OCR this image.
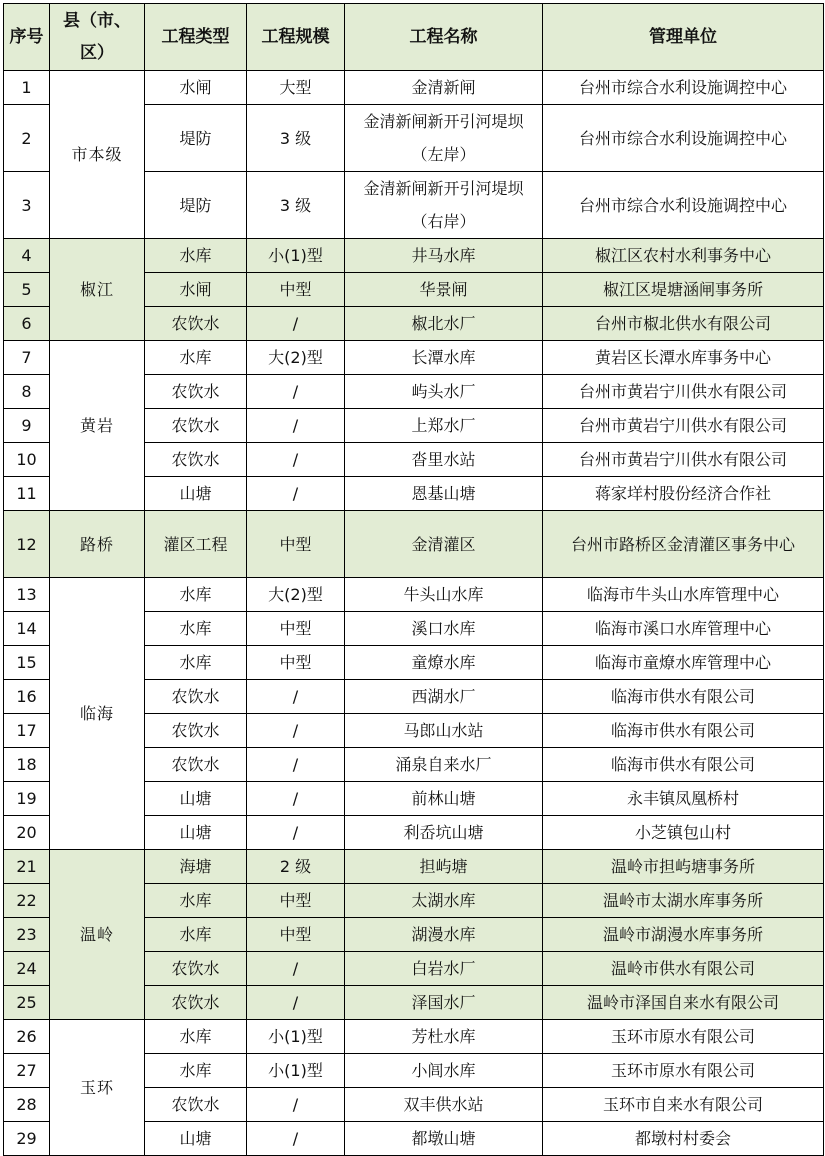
序号	县（市、区）	工程类型	工程规模	工程名称	管理单位
1	市本级	水闸	大型	金清新闸	台州市综合水利设施调控中心
2		堤防	3 级	金清新闸新开引河堤坝（左岸）	台州市综合水利设施调控中心
3		堤防	3 级	金清新闸新开引河堤坝（右岸）	台州市综合水利设施调控中心
4	椒江	水库	小(1)型	井马水库	椒江区农村水利事务中心
5		水闸	中型	华景闸	椒江区堤塘涵闸事务所
6		农饮水	/	椒北水厂	台州市椒北供水有限公司
7	黄岩	水库	大(2)型	长潭水库	黄岩区长潭水库事务中心
8		农饮水	/	屿头水厂	台州市黄岩宁川供水有限公司
9		农饮水	/	上郑水厂	台州市黄岩宁川供水有限公司
10		农饮水	/	沓里水站	台州市黄岩宁川供水有限公司
11		山塘	/	恩基山塘	蒋家垟村股份经济合作社
12	路桥	灌区工程	中型	金清灌区	台州市路桥区金清灌区事务中心
13	临海	水库	大(2)型	牛头山水库	临海市牛头山水库管理中心
14		水库	中型	溪口水库	临海市溪口水库管理中心
15		水库	中型	童燎水库	临海市童燎水库管理中心
16		农饮水	/	西湖水厂	临海市供水有限公司
17		农饮水	/	马郎山水站	临海市供水有限公司
18		农饮水	/	涌泉自来水厂	临海市供水有限公司
19		山塘	/	前林山塘	永丰镇凤凰桥村
20		山塘	/	利岙坑山塘	小芝镇包山村
21	温岭	海塘	2 级	担屿塘	温岭市担屿塘事务所
22		水库	中型	太湖水库	温岭市太湖水库事务所
23		水库	中型	湖漫水库	温岭市湖漫水库事务所
24		农饮水	/	白岩水厂	温岭市供水有限公司
25		农饮水	/	泽国水厂	温岭市泽国自来水有限公司
26	玉环	水库	小(1)型	芳杜水库	玉环市原水有限公司
27		水库	小(1)型	小闾水库	玉环市原水有限公司
28		农饮水	/	双丰供水站	玉环市自来水有限公司
29		山塘	/	都墩山塘	都墩村村委会
